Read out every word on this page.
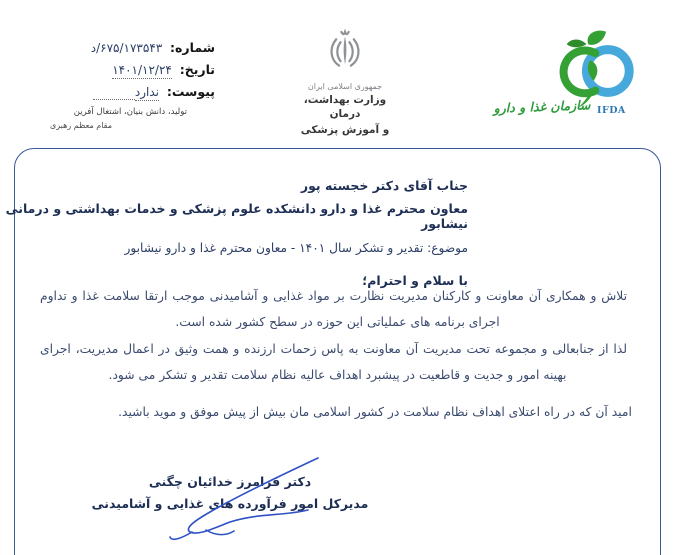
شماره: ۶۷۵/۱۷۳۵۴۳/د
تاریخ: ۱۴۰۱/۱۲/۲۴
پیوست: ندارد
تولید، دانش بنیان، اشتغال آفرین
مقام معظم رهبری
جمهوری اسلامی ایران
وزارت بهداشت، درمان
و آموزش پزشکی
سازمان غذا و دارو IFDA
جناب آقای دکتر خجسته پور
معاون محترم غذا و دارو دانشکده علوم پزشکی و خدمات بهداشتی و درمانی نیشابور
موضوع: تقدیر و تشکر سال ۱۴۰۱ - معاون محترم غذا و دارو نیشابور
با سلام و احترام؛

تلاش و همکاری آن معاونت و کارکنان مدیریت نظارت بر مواد غذایی و آشامیدنی موجب ارتقا سلامت غذا و تداوم اجرای برنامه های عملیاتی این حوزه در سطح کشور شده است.

لذا از جنابعالی و مجموعه تحت مدیریت آن معاونت به پاس زحمات ارزنده و همت وثیق در اعمال مدیریت، اجرای بهینه امور و جدیت و قاطعیت در پیشبرد اهداف عالیه نظام سلامت تقدیر و تشکر می شود.

امید آن که در راه اعتلای اهداف نظام سلامت در کشور اسلامی مان بیش از پیش موفق و موید باشید.

دکتر فرامرز خدائیان چگنی
مدیرکل امور فرآورده های غذایی و آشامیدنی
